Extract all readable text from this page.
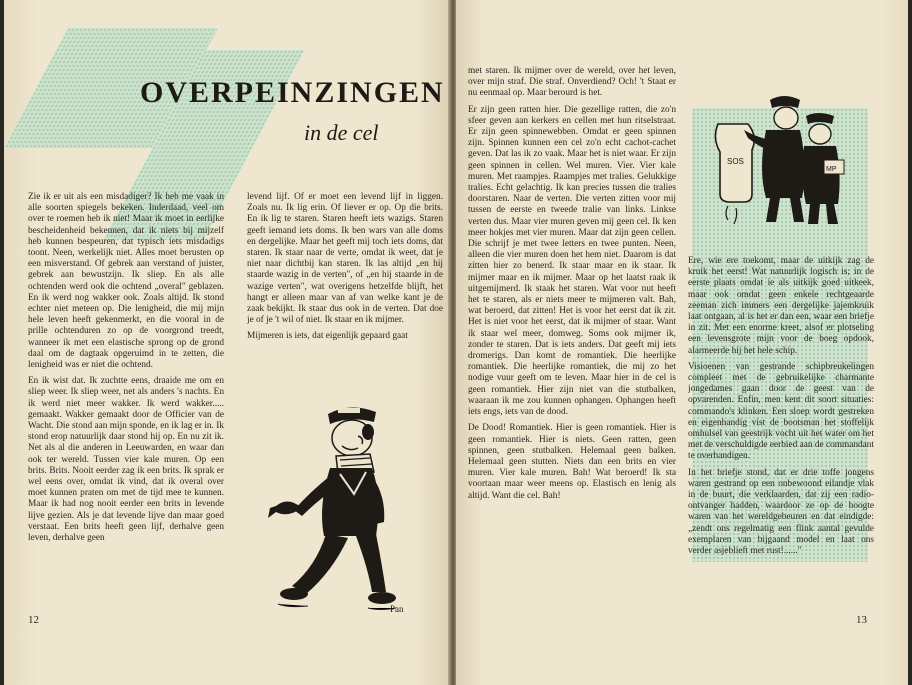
OVERPEINZINGEN
in de cel

Zie ik er uit als een misdadiger? Ik heb me vaak in alle soorten spiegels bekeken. Inderdaad, veel om over te roemen heb ik niet! Maar ik moet in eerlijke bescheidenheid bekennen, dat ik niets bij mijzelf heb kunnen bespeuren, dat typisch iets misdadigs toont. Neen, werkelijk niet. Alles moet berusten op een misverstand. Of gebrek aan verstand of juister, gebrek aan bewustzijn. Ik sliep. En als alle ochtenden werd ook die ochtend „overal" geblazen. En ik werd nog wakker ook. Zoals altijd. Ik stond echter niet meteen op. Die lenigheid, die mij mijn hele leven heeft gekenmerkt, en die vooral in de prille ochtenduren zo op de voorgrond treedt, wanneer ik met een elastische sprong op de grond daal om de dagtaak opgeruimd in te zetten, die lenigheid was er niet die ochtend.

En ik wist dat. Ik zuchtte eens, draaide me om en sliep weer. Ik sliep weer, net als anders 's nachts. En ik werd niet meer wakker. Ik werd wakker..... gemaakt. Wakker gemaakt door de Officier van de Wacht. Die stond aan mijn sponde, en ik lag er in. Ik stond erop natuurlijk daar stond hij op. En nu zit ik. Net als al die anderen in Leeuwarden, en waar dan ook ter wereld. Tussen vier kale muren. Op een brits. Brits. Nooit eerder zag ik een brits. Ik sprak er wel eens over, omdat ik vind, dat ik overal over moet kunnen praten om met de tijd mee te kunnen. Maar ik had nog nooit eerder een brits in levende lijve gezien. Als je dat levende lijve dan maar goed verstaat. Een brits heeft geen lijf, derhalve geen leven, derhalve geen

levend lijf. Of er moet een levend lijf in liggen. Zoals nu. Ik lig erin. Of liever er op. Op die brits. En ik lig te staren. Staren heeft iets wazigs. Staren geeft iemand iets doms. Ik ben wars van alle doms en dergelijke. Maar het geeft mij toch iets doms, dat staren. Ik staar naar de verte, omdat ik weet, dat je niet naar dichtbij kan staren. Ik las altijd „en hij staarde wazig in de verten", of „en hij staarde in de wazige verten", wat overigens hetzelfde blijft, het hangt er alleen maar van af van welke kant je de zaak bekijkt. Ik staar dus ook in de verten. Dat doe je of je 't wil of niet. Ik staar en ik mijmer.

Mijmeren is iets, dat eigenlijk gepaard gaat

Pan
12
SOS
MP

met staren. Ik mijmer over de wereld, over het leven, over mijn straf. Die straf. Onverdiend? Och! 't Staat er nu eenmaal op. Maar berourd is het.

Er zijn geen ratten hier. Die gezellige ratten, die zo'n sfeer geven aan kerkers en cellen met hun ritselstraat. Er zijn geen spinnewebben. Omdat er geen spinnen zijn. Spinnen kunnen een cel zo'n echt cachot-cachet geven. Dat las ik zo vaak. Maar het is niet waar. Er zijn geen spinnen in cellen. Wel muren. Vier. Vier kale muren. Met raampjes. Raampjes met tralies. Gelukkige tralies. Echt gelachtig. Ik kan precies tussen die tralies doorstaren. Naar de verten. Die verten zitten voor mij tussen de eerste en tweede tralie van links. Linkse verten dus. Maar vier muren geven mij geen cel. Ik ken meer hokjes met vier muren. Maar dat zijn geen cellen. Die schrijf je met twee letters en twee punten. Neen, alleen die vier muren doen het hem niet. Daarom is dat zitten hier zo benerd. Ik staar maar en ik staar. Ik mijmer maar en ik mijmer. Maar op het laatst raak ik uitgemijmerd. Ik staak het staren. Wat voor nut heeft het te staren, als er niets meer te mijmeren valt. Bah, wat beroerd, dat zitten! Het is voor het eerst dat ik zit. Het is niet voor het eerst, dat ik mijmer of staar. Want ik staar wel meer, domweg. Soms ook mijmer ik, zonder te staren. Dat is iets anders. Dat geeft mij iets dromerigs. Dan komt de romantiek. Die heerlijke romantiek. Die heerlijke romantiek, die mij zo het nodige vuur geeft om te leven. Maar hier in de cel is geen romantiek. Hier zijn niet van die stutbalken, waaraan ik me zou kunnen ophangen. Ophangen heeft iets engs, iets van de dood.

De Dood! Romantiek. Hier is geen romantiek. Hier is geen romantiek. Hier is niets. Geen ratten, geen spinnen, geen stutbalken. Helemaal geen balken. Helemaal geen stutten. Niets dan een brits en vier muren. Vier kale muren. Bah! Wat beroerd! Ik sta voortaan maar weer meens op. Elastisch en lenig als altijd. Want die cel. Bah!

Ere, wie ere toekomt, maar de uitkijk zag de kruik het eerst! Wat natuurlijk logisch is; in de eerste plaats omdat ie als uitkijk goed uitkeek, maar ook omdat geen enkele rechtgeaarde zeeman zich immers een dergelijke jajemkruik laat ontgaan, al is het er dan een, waar een briefje in zit. Met een enorme kreet, alsof er plotseling een levensgrote mijn voor de boeg opdook, alarmeerde hij het hele schip.

Visioenen van gestrande schipbreukelingen compleet met de gebruikelijke charmante jongedames gaan door de geest van de opvarenden. Enfin, men kent dit soort situaties: commando's klinken. Een sloep wordt gestreken en eigenhandig vist de bootsman het stoffelijk omhulsel van geestrijk vocht uit het water om het met de verschuldigde eerbied aan de commandant te overhandigen.

In het briefje stond, dat er drie toffe jongens waren gestrand op een onbewoond eilandje vlak in de buurt, die verklaarden, dat zij een radio-ontvanger hadden, waardoor ze op de hoogte waren van het wereldgebeuren en dat eindigde: „zendt ons regelmatig een flink aantal gevulde exemplaren van bijgaand model en laat ons verder asjeblieft met rust!......"

13
